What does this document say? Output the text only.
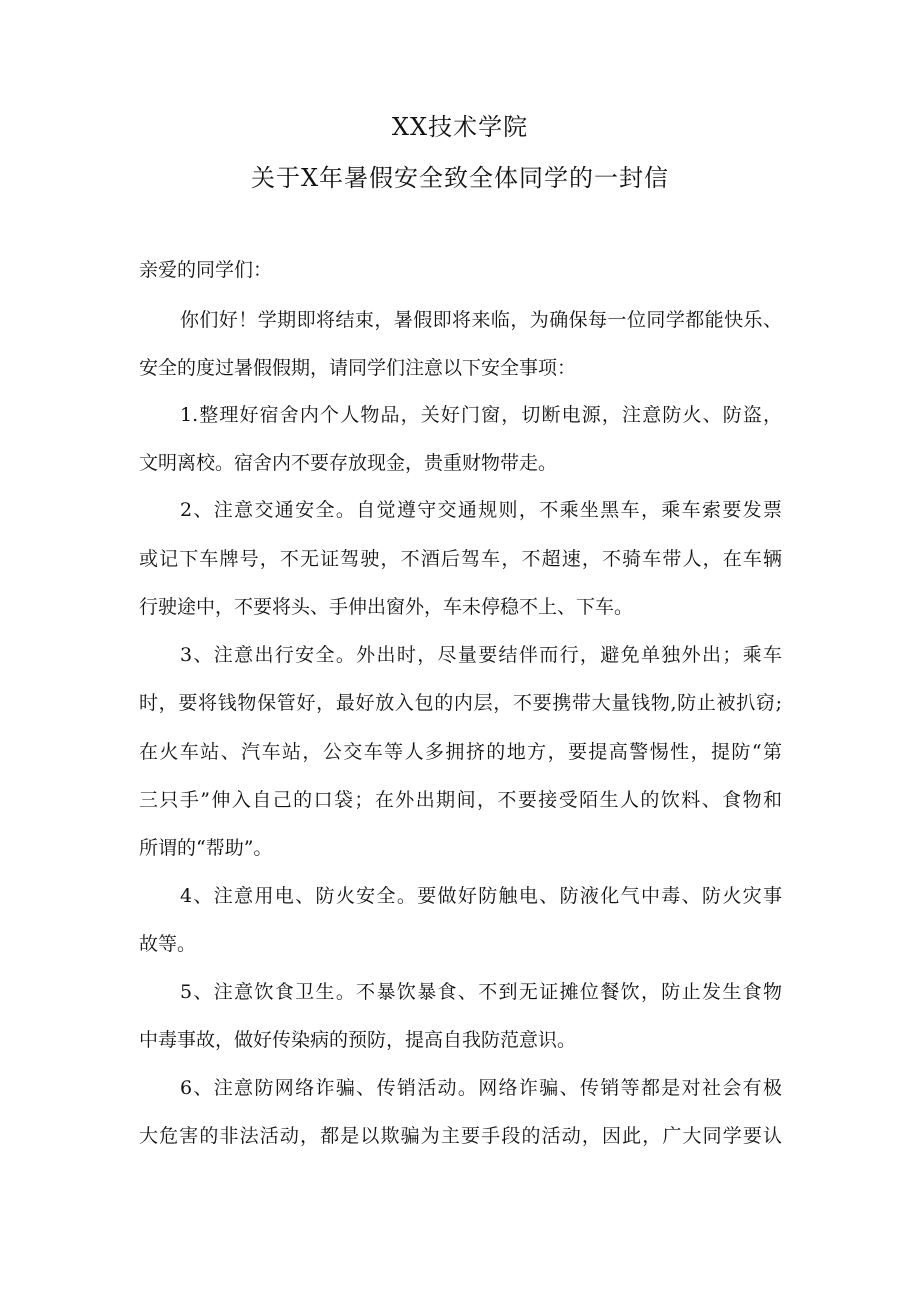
XX技术学院
关于X年暑假安全致全体同学的一封信
亲爱的同学们：
你们好！学期即将结束，暑假即将来临，为确保每一位同学都能快乐、
安全的度过暑假假期，请同学们注意以下安全事项：
1.整理好宿舍内个人物品，关好门窗，切断电源，注意防火、防盗，
文明离校。宿舍内不要存放现金，贵重财物带走。
2、注意交通安全。自觉遵守交通规则，不乘坐黑车，乘车索要发票
或记下车牌号，不无证驾驶，不酒后驾车，不超速，不骑车带人，在车辆
行驶途中，不要将头、手伸出窗外，车未停稳不上、下车。
3、注意出行安全。外出时，尽量要结伴而行，避免单独外出；乘车
时，要将钱物保管好，最好放入包的内层，不要携带大量钱物,防止被扒窃;
在火车站、汽车站，公交车等人多拥挤的地方，要提高警惕性，提防“第
三只手”伸入自己的口袋；在外出期间，不要接受陌生人的饮料、食物和
所谓的“帮助”。
4、注意用电、防火安全。要做好防触电、防液化气中毒、防火灾事
故等。
5、注意饮食卫生。不暴饮暴食、不到无证摊位餐饮，防止发生食物
中毒事故，做好传染病的预防，提高自我防范意识。
6、注意防网络诈骗、传销活动。网络诈骗、传销等都是对社会有极
大危害的非法活动，都是以欺骗为主要手段的活动，因此，广大同学要认
